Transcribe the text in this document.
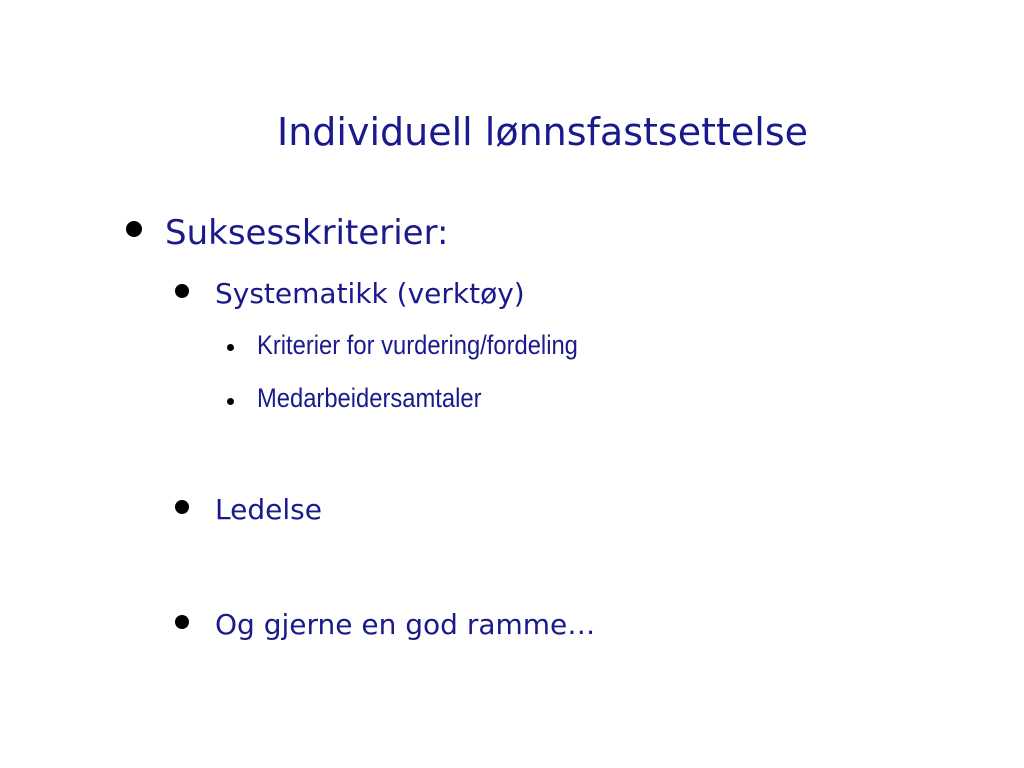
Individuell lønnsfastsettelse
Suksesskriterier:
Systematikk (verktøy)
Kriterier for vurdering/fordeling
Medarbeidersamtaler
Ledelse
Og gjerne en god ramme…
